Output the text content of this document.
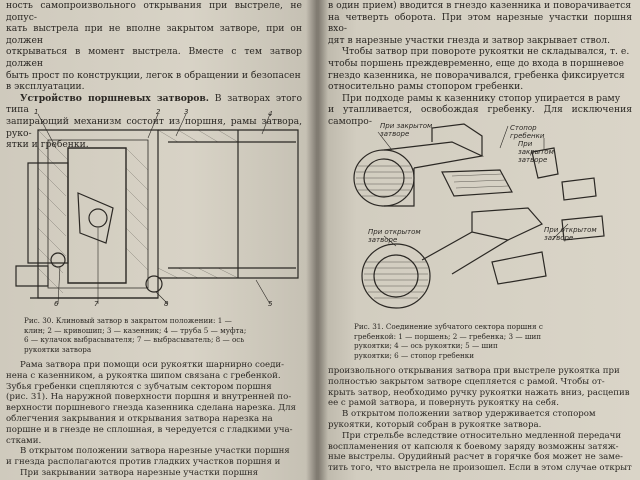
ность самопроизвольного открывания при выстреле, не допус-

кать выстрела при не вполне закрытом затворе, при он должен

открываться в момент выстрела. Вместе с тем затвор должен

быть прост по конструкции, легок в обращении и безопасен

в эксплуатации.

Устройство поршневых затворов. В затворах этого типа

запирающий механизм состоит из поршня, рамы затвора, руко-

ятки и гребенки.

1	2	3	4
5
6	7	8

Рис. 30. Клиновый затвор в закрытом положении: 1 —

клин; 2 — кривошип; 3 — казенник; 4 — труба 5 — муфта;

6 — кулачок выбрасывателя; 7 — выбрасыватель; 8 — ось

рукоятки затвора

Рама затвора при помощи оси рукоятки шарнирно соеди-

нена с казенником, а рукоятка шипом связана с гребенкой.

Зубья гребенки сцепляются с зубчатым сектором поршня

(рис. 31). На наружной поверхности поршня и внутренней по-

верхности поршневого гнезда казенника сделана нарезка. Для

облегчения закрывания и открывания затвора нарезка на

поршне и в гнезде не сплошная, в чередуется с гладкими уча-

стками.

В открытом положении затвора нарезные участки поршня

и гнезда располагаются против гладких участков поршня и

При закрывании затвора нарезные участки поршня

в один прием) вводится в гнездо казенника и поворачивается

на четверть оборота. При этом нарезные участки поршня вхо-

дят в нарезные участки гнезда и затвор закрывает ствол.

Чтобы затвор при повороте рукоятки не складывался, т. е.

чтобы поршень преждевременно, еще до входа в поршневое

гнездо казенника, не поворачивался, гребенка фиксируется

относительно рамы стопором гребенки.

При подходе рамы к казеннику стопор упирается в раму

и утапливается, освобождая гребенку. Для исключения самопро-	При закрытом затворе
Стопор гребенки
При закрытом затворе
При открытом затворе
При открытом затворе

Рис. 31. Соединение зубчатого сектора поршня с

гребенкой: 1 — поршень; 2 — гребенка; 3 — шип

рукоятки; 4 — ось рукоятки; 5 — шип

рукоятки; 6 — стопор гребенки

произвольного открывания затвора при выстреле рукоятка при

полностью закрытом затворе сцепляется с рамой. Чтобы от-

крыть затвор, необходимо ручку рукоятки нажать вниз, расцепив

ее с рамой затвора, и повернуть рукоятку на себя.

В открытом положении затвор удерживается стопором

рукоятки, который собран в рукоятке затвора.

При стрельбе вследствие относительно медленной передачи

воспламенения от капсюля к боевому заряду возможны затяж-

ные выстрелы. Орудийный расчет в горячке боя может не заме-

тить того, что выстрела не произошел. Если в этом случае открыт
